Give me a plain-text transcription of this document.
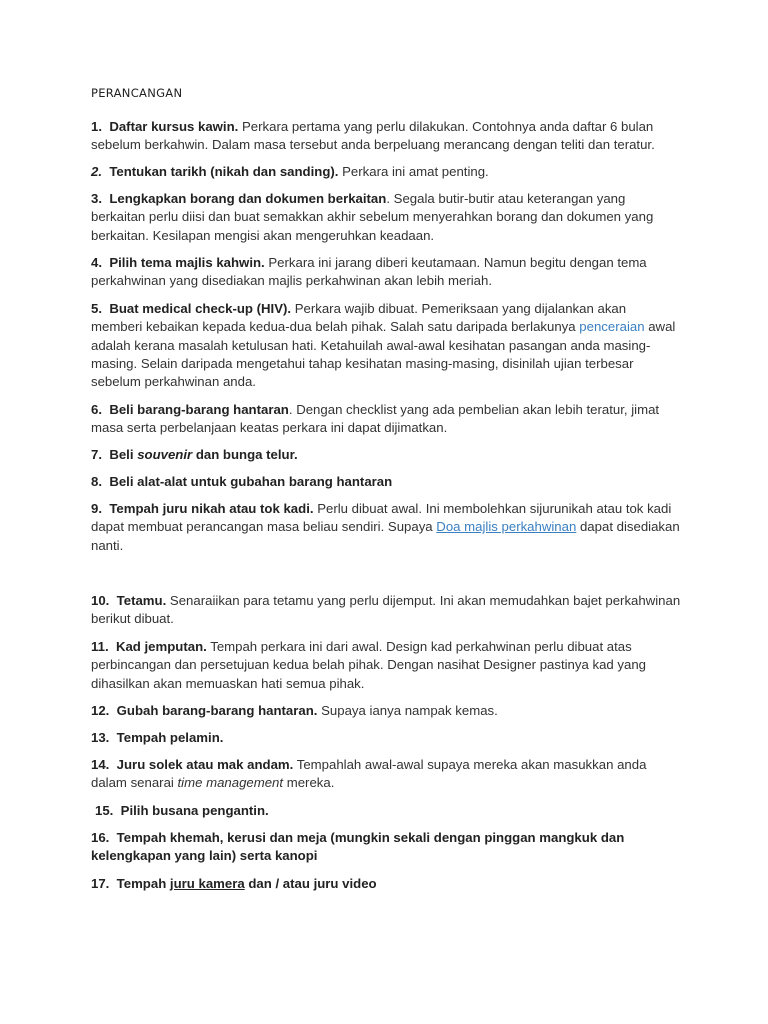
PERANCANGAN
1. Daftar kursus kawin. Perkara pertama yang perlu dilakukan. Contohnya anda daftar 6 bulan sebelum berkahwin. Dalam masa tersebut anda berpeluang merancang dengan teliti dan teratur.
2. Tentukan tarikh (nikah dan sanding). Perkara ini amat penting.
3. Lengkapkan borang dan dokumen berkaitan. Segala butir-butir atau keterangan yang berkaitan perlu diisi dan buat semakkan akhir sebelum menyerahkan borang dan dokumen yang berkaitan. Kesilapan mengisi akan mengeruhkan keadaan.
4. Pilih tema majlis kahwin. Perkara ini jarang diberi keutamaan. Namun begitu dengan tema perkahwinan yang disediakan majlis perkahwinan akan lebih meriah.
5. Buat medical check-up (HIV). Perkara wajib dibuat. Pemeriksaan yang dijalankan akan memberi kebaikan kepada kedua-dua belah pihak. Salah satu daripada berlakunya penceraian awal adalah kerana masalah ketulusan hati. Ketahuilah awal-awal kesihatan pasangan anda masing-masing. Selain daripada mengetahui tahap kesihatan masing-masing, disinilah ujian terbesar sebelum perkahwinan anda.
6. Beli barang-barang hantaran. Dengan checklist yang ada pembelian akan lebih teratur, jimat masa serta perbelanjaan keatas perkara ini dapat dijimatkan.
7. Beli souvenir dan bunga telur.
8. Beli alat-alat untuk gubahan barang hantaran
9. Tempah juru nikah atau tok kadi. Perlu dibuat awal. Ini membolehkan sijurunikah atau tok kadi dapat membuat perancangan masa beliau sendiri. Supaya Doa majlis perkahwinan dapat disediakan nanti.
10. Tetamu. Senaraiikan para tetamu yang perlu dijemput. Ini akan memudahkan bajet perkahwinan berikut dibuat.
11. Kad jemputan. Tempah perkara ini dari awal. Design kad perkahwinan perlu dibuat atas perbincangan dan persetujuan kedua belah pihak. Dengan nasihat Designer pastinya kad yang dihasilkan akan memuaskan hati semua pihak.
12. Gubah barang-barang hantaran. Supaya ianya nampak kemas.
13. Tempah pelamin.
14. Juru solek atau mak andam. Tempahlah awal-awal supaya mereka akan masukkan anda dalam senarai time management mereka.
15. Pilih busana pengantin.
16. Tempah khemah, kerusi dan meja (mungkin sekali dengan pinggan mangkuk dan kelengkapan yang lain) serta kanopi
17. Tempah juru kamera dan / atau juru video
